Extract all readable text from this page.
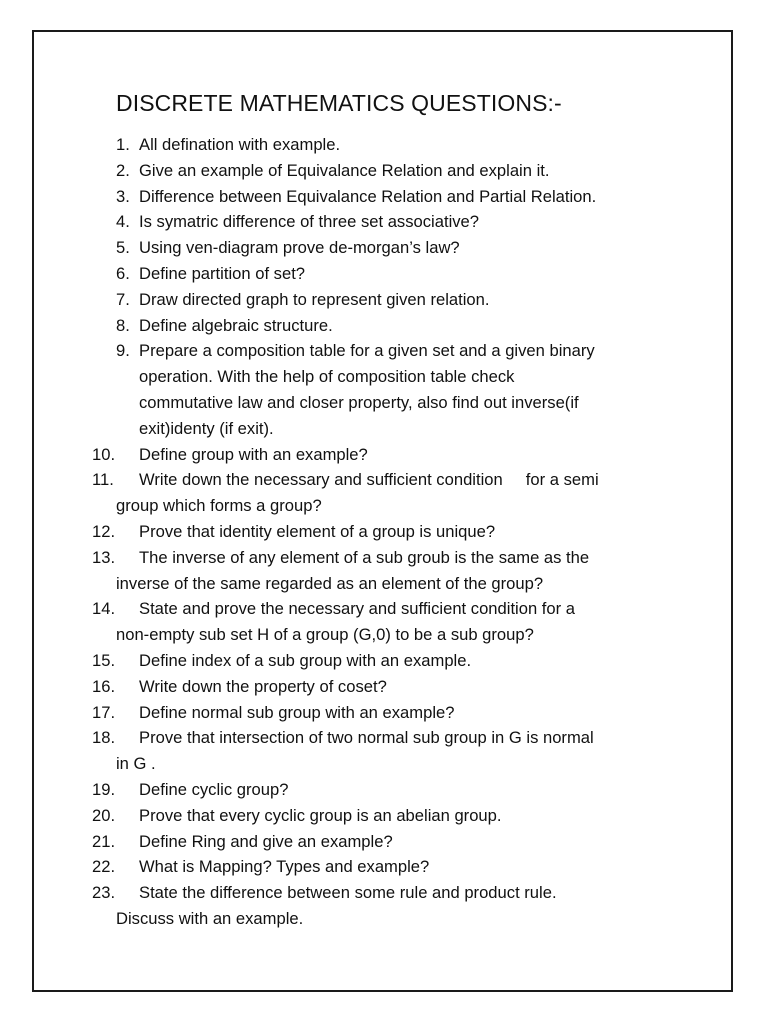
DISCRETE MATHEMATICS QUESTIONS:-
1. All defination with example.
2. Give an example of Equivalance Relation and explain it.
3. Difference between Equivalance Relation and Partial Relation.
4. Is symatric difference of three set associative?
5. Using ven-diagram prove de-morgan’s law?
6. Define partition of set?
7. Draw directed graph to represent given relation.
8. Define algebraic structure.
9. Prepare a composition table for a given set and a given binary
operation. With the help of composition table check
commutative law and closer property, also find out inverse(if
exit)identy (if exit).
10.	Define group with an example?
11.	Write down the necessary and sufficient condition     for a semi
group which forms a group?
12.	Prove that identity element of a group is unique?
13.	The inverse of any element of a sub groub is the same as the
inverse of the same regarded as an element of the group?
14.	State and prove the necessary and sufficient condition for a
non-empty sub set H of a group (G,0) to be a sub group?
15.	Define index of a sub group with an example.
16.	Write down the property of coset?
17.	Define normal sub group with an example?
18.	Prove that intersection of two normal sub group in G is normal
in G .
19.	Define cyclic group?
20.	Prove that every cyclic group is an abelian group.
21.	Define Ring and give an example?
22.	What is Mapping? Types and example?
23.	State the difference between some rule and product rule.
Discuss with an example.
